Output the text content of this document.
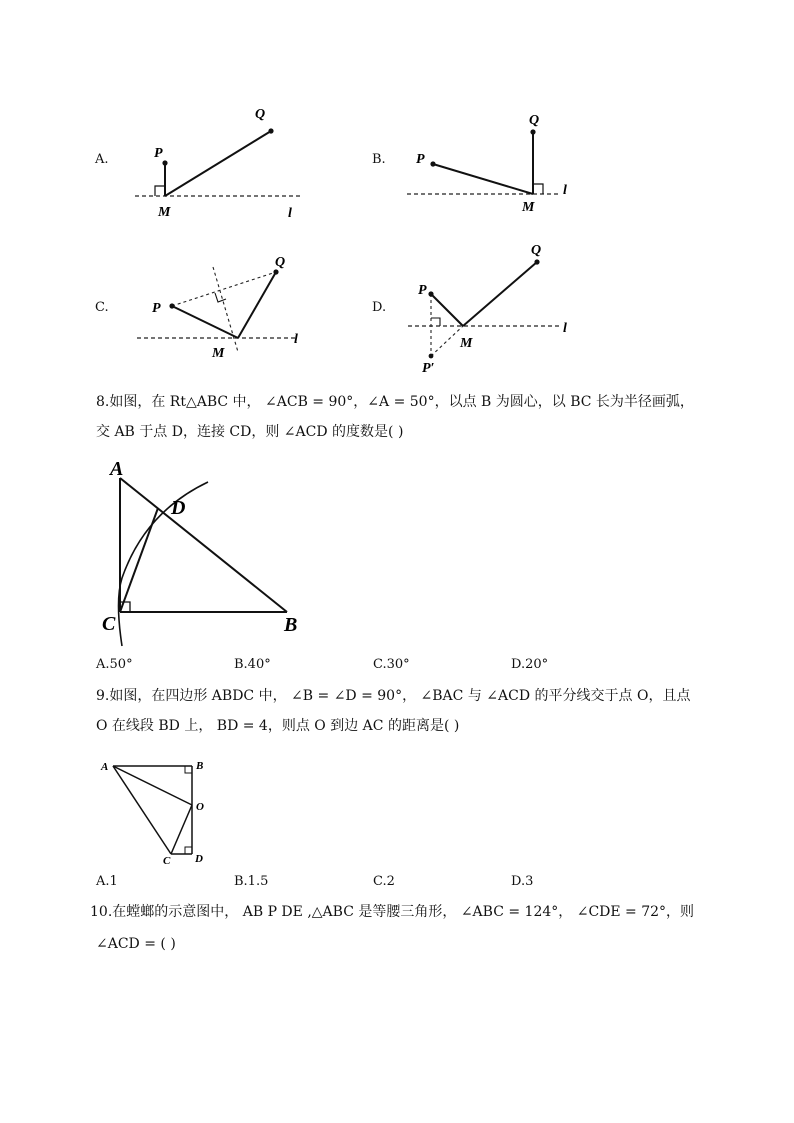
A.	P
Q
M	l
B. P
Q
M
l
C.	P
Q
M
l
D.
P
Q
M
l
P′
8.如图，在 Rt△ABC 中， ∠ACB = 90°，∠A = 50°，以点 B 为圆心，以 BC 长为半径画弧，
交 AB 于点 D，连接 CD，则 ∠ACD 的度数是( )
A
D
C	B
A.50°	B.40°	C.30°	D.20°
9.如图，在四边形 ABDC 中， ∠B = ∠D = 90°， ∠BAC 与 ∠ACD 的平分线交于点 O，且点
O 在线段 BD 上， BD = 4，则点 O 到边 AC 的距离是( )
A	B
O
C D
A.1	B.1.5	C.2	D.3
10.在螳螂的示意图中， AB P DE ,△ABC 是等腰三角形， ∠ABC = 124°， ∠CDE = 72°，则
∠ACD = ( )
